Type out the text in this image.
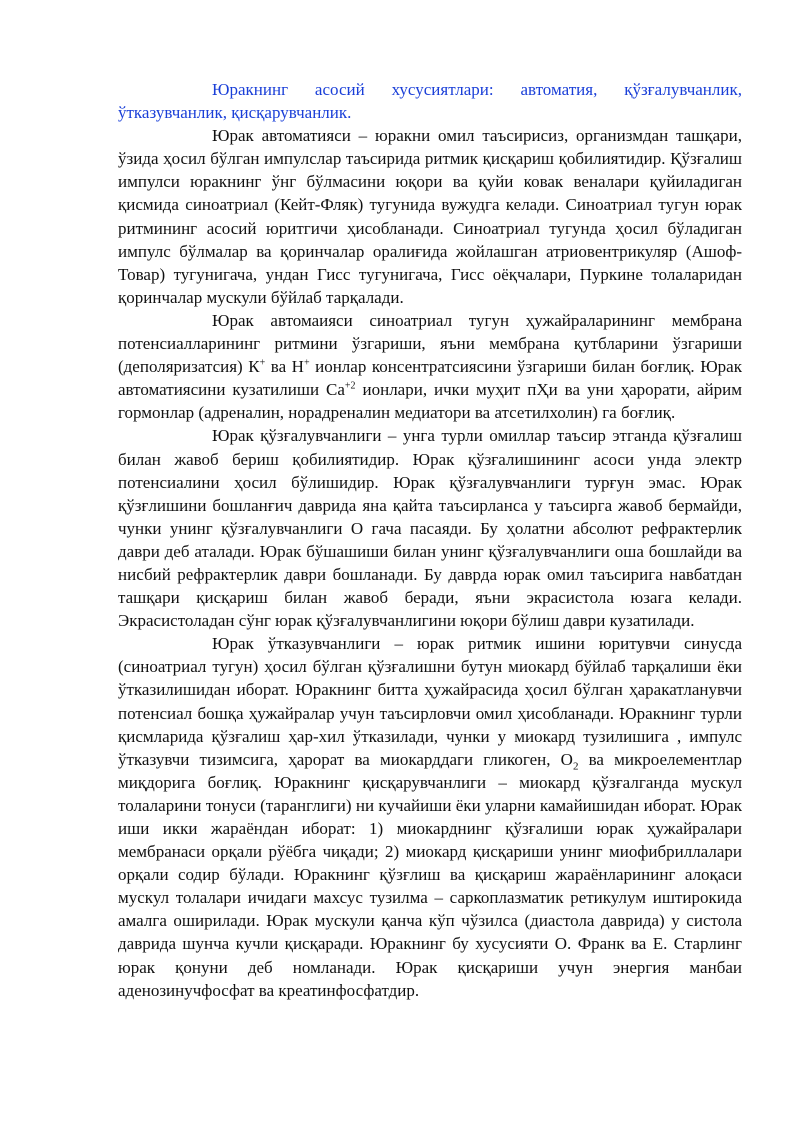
Юракнинг асосий хусусиятлари: автоматия, қўзғалувчанлик, ўтказувчанлик, қисқарувчанлик.

Юрак автоматияси – юракни омил таъсирисиз, организмдан ташқари, ўзида ҳосил бўлган импулслар таъсирида ритмик қисқариш қобилиятидир. Қўзғалиш импулси юракнинг ўнг бўлмасини юқори ва қуйи ковак веналари қуйиладиган қисмида синоатриал (Кейт-Фляк) тугунида вужудга келади. Синоатриал тугун юрак ритмининг асосий юритгичи ҳисобланади. Синоатриал тугунда ҳосил бўладиган импулс бўлмалар ва қоринчалар оралиғида жойлашган атриовентрикуляр (Ашоф-Товар) тугунигача, ундан Гисс тугунигача, Гисс оёқчалари, Пуркине толаларидан қоринчалар мускули бўйлаб тарқалади.

Юрак автомаияси синоатриал тугун ҳужайраларининг мембрана потенсиалларининг ритмини ўзгариши, яъни мембрана қутбларини ўзгариши (деполяризатсия) К+ ва Н+ ионлар консентратсиясини ўзгариши билан боғлиқ. Юрак автоматиясини кузатилиши $Са^{+2}$ ионлари, ички муҳит пҲи ва уни ҳарорати, айрим гормонлар (адреналин, норадреналин медиатори ва атсетилхолин) га боғлиқ.

Юрак қўзғалувчанлиги – унга турли омиллар таъсир этганда қўзғалиш билан жавоб бериш қобилиятидир. Юрак қўзғалишининг асоси унда электр потенсиалини ҳосил бўлишидир. Юрак қўзғалувчанлиги турғун эмас. Юрак қўзғлишини бошланғич даврида яна қайта таъсирланса у таъсирга жавоб бермайди, чунки унинг қўзғалувчанлиги О гача пасаяди. Бу ҳолатни абсолют рефрактерлик даври деб аталади. Юрак бўшашиши билан унинг қўзғалувчанлиги оша бошлайди ва нисбий рефрактерлик даври бошланади. Бу даврда юрак омил таъсирига навбатдан ташқари қисқариш билан жавоб беради, яъни экрасистола юзага келади. Экрасистоладан сўнг юрак қўзғалувчанлигини юқори бўлиш даври кузатилади.

Юрак ўтказувчанлиги – юрак ритмик ишини юритувчи синусда (синоатриал тугун) ҳосил бўлган қўзғалишни бутун миокард бўйлаб тарқалиши ёки ўтказилишидан иборат. Юракнинг битта ҳужайрасида ҳосил бўлган ҳаракатланувчи потенсиал бошқа ҳужайралар учун таъсирловчи омил ҳисобланади. Юракнинг турли қисмларида қўзғалиш ҳар-хил ўтказилади, чунки у миокард тузилишига , импулс ўтказувчи тизимсига, ҳарорат ва миокарддаги гликоген, $О_2$ ва микроелементлар миқдорига боғлиқ. Юракнинг қисқарувчанлиги – миокард қўзғалганда мускул толаларини тонуси (таранглиги) ни кучайиши ёки уларни камайишидан иборат. Юрак иши икки жараёндан иборат: 1) миокарднинг қўзғалиши юрак ҳужайралари мембранаси орқали рўёбга чиқади; 2) миокард қисқариши унинг миофибриллалари орқали содир бўлади. Юракнинг қўзғлиш ва қисқариш жараёнларининг алоқаси мускул толалари ичидаги махсус тузилма – саркоплазматик ретикулум иштирокида амалга оширилади. Юрак мускули қанча кўп чўзилса (диастола даврида) у систола даврида шунча кучли қисқаради. Юракнинг бу хусусияти О. Франк ва Е. Старлинг юрак қонуни деб номланади. Юрак қисқариши учун энергия манбаи аденозинучфосфат ва креатинфосфатдир.
